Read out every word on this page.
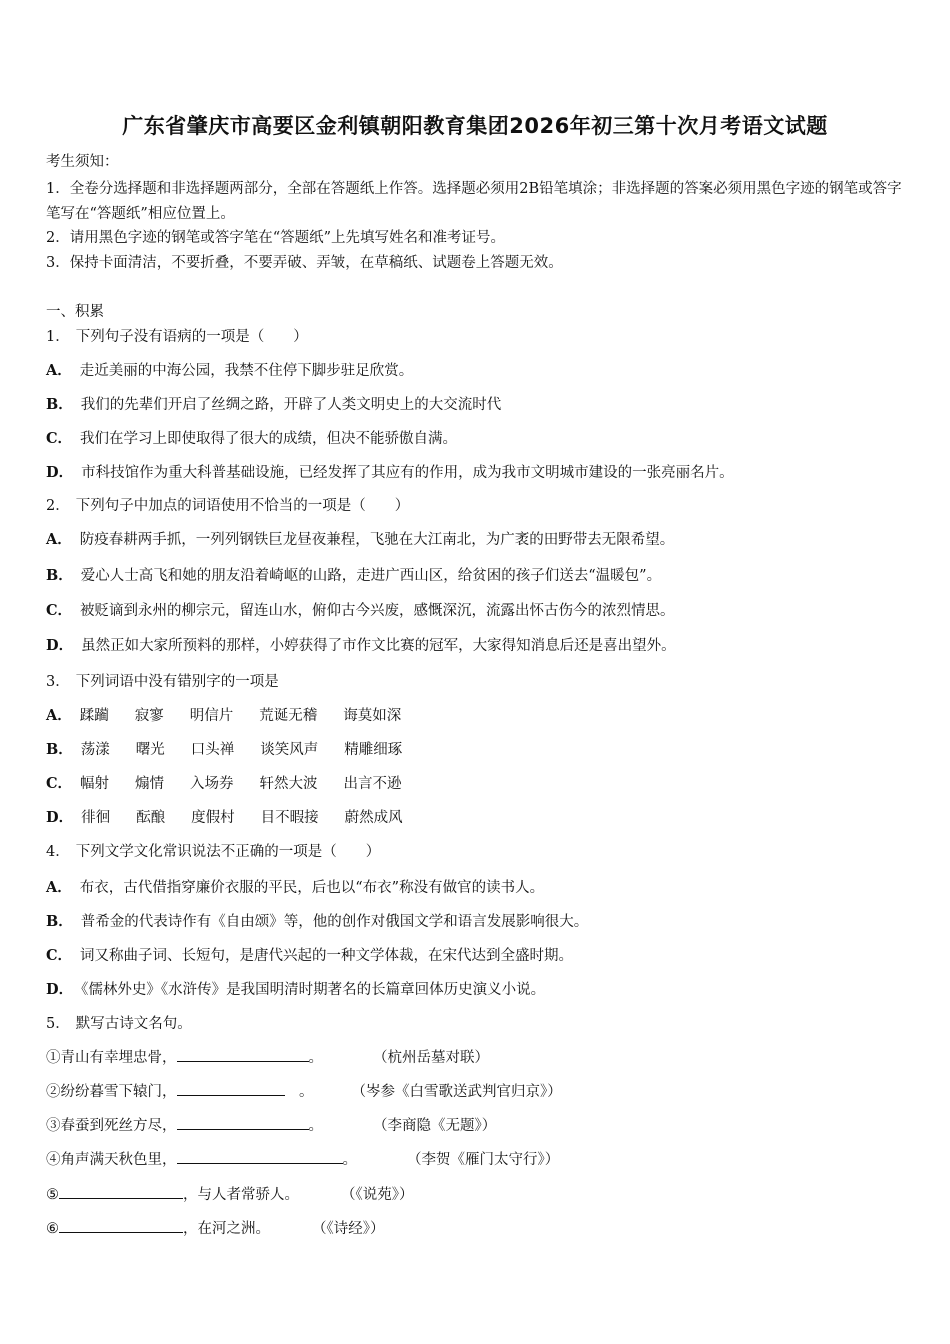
广东省肇庆市高要区金利镇朝阳教育集团2026年初三第十次月考语文试题
考生须知：
1．全卷分选择题和非选择题两部分，全部在答题纸上作答。选择题必须用2B铅笔填涂；非选择题的答案必须用黑色字迹的钢笔或答字笔写在“答题纸”相应位置上。
2．请用黑色字迹的钢笔或答字笔在“答题纸”上先填写姓名和准考证号。
3．保持卡面清洁，不要折叠，不要弄破、弄皱，在草稿纸、试题卷上答题无效。
一、积累
1． 下列句子没有语病的一项是（　　）
A． 走近美丽的中海公园，我禁不住停下脚步驻足欣赏。
B． 我们的先辈们开启了丝绸之路，开辟了人类文明史上的大交流时代
C． 我们在学习上即使取得了很大的成绩，但决不能骄傲自满。
D． 市科技馆作为重大科普基础设施，已经发挥了其应有的作用，成为我市文明城市建设的一张亮丽名片。
2． 下列句子中加点的词语使用不恰当的一项是（　　）
A． 防疫春耕两手抓，一列列钢铁巨龙昼夜兼程，飞驰在大江南北，为广袤的田野带去无限希望。
B． 爱心人士高飞和她的朋友沿着崎岖的山路，走进广西山区，给贫困的孩子们送去“温暖包”。
C． 被贬谪到永州的柳宗元，留连山水，俯仰古今兴废，感慨深沉，流露出怀古伤今的浓烈情思。
D． 虽然正如大家所预料的那样，小婷获得了市作文比赛的冠军，大家得知消息后还是喜出望外。
3． 下列词语中没有错别字的一项是
A． 蹂躏 寂寥 明信片 荒诞无稽 诲莫如深
B． 荡漾 曙光 口头禅 谈笑风声 精雕细琢
C． 幅射 煽情 入场券 轩然大波 出言不逊
D． 徘徊 酝酿 度假村 目不暇接 蔚然成风
4． 下列文学文化常识说法不正确的一项是（　　）
A． 布衣，古代借指穿廉价衣服的平民，后也以“布衣”称没有做官的读书人。
B． 普希金的代表诗作有《自由颂》等，他的创作对俄国文学和语言发展影响很大。
C． 词又称曲子词、长短句，是唐代兴起的一种文学体裁，在宋代达到全盛时期。
D． 《儒林外史》《水浒传》是我国明清时期著名的长篇章回体历史演义小说。
5． 默写古诗文名句。
①青山有幸埋忠骨，	。	（杭州岳墓对联）
②纷纷暮雪下辕门，	　。	（岑参《白雪歌送武判官归京》）
③春蚕到死丝方尽，	。	（李商隐《无题》）
④角声满天秋色里，	。	（李贺《雁门太守行》）
⑤	，与人者常骄人。	（《说苑》）
⑥	，在河之洲。	（《诗经》）
